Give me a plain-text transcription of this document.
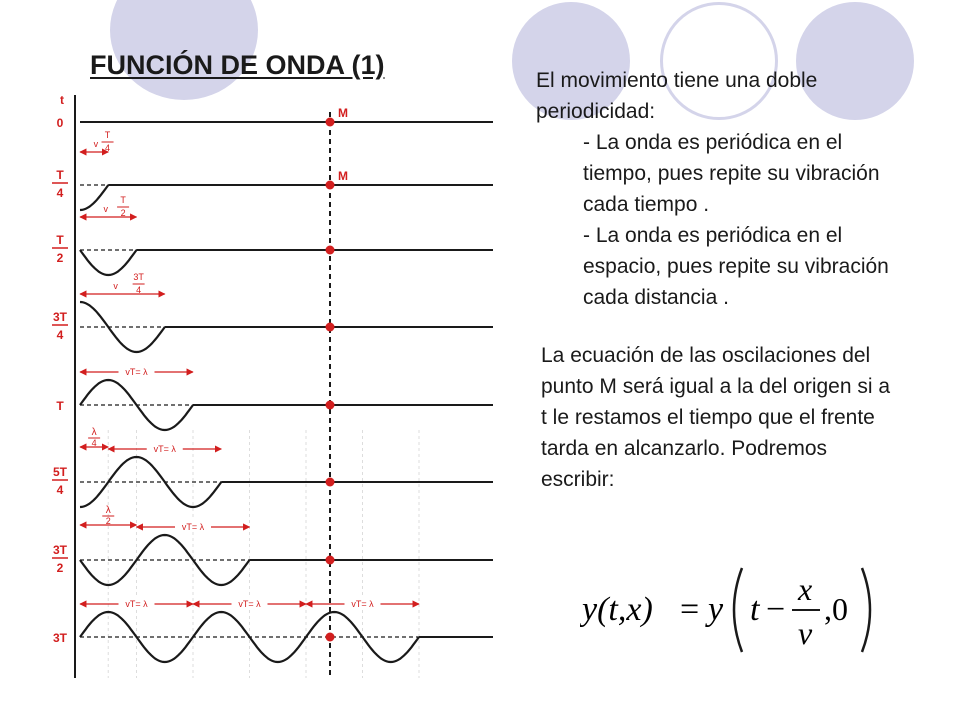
FUNCIÓN DE ONDA (1)
t
0
M
T
4
M
v
T
4
T
2
v
T
2
3T
4
v
3T
4
T
vT= λ
5T
4
λ
4
vT= λ
3T
2
λ
2
vT= λ
3T
vT= λ	vT= λ	vT= λ

El movimiento tiene una doble periodicidad:

- La onda es periódica en el tiempo, pues repite su vibración cada tiempo .
- La onda es periódica en el espacio, pues repite su vibración cada distancia .

La ecuación de las oscilaciones del punto M será igual a la del origen si a t le restamos el tiempo que el frente tarda en alcanzarlo. Podremos escribir:

y(t,x) = y t −
x
v
,0
